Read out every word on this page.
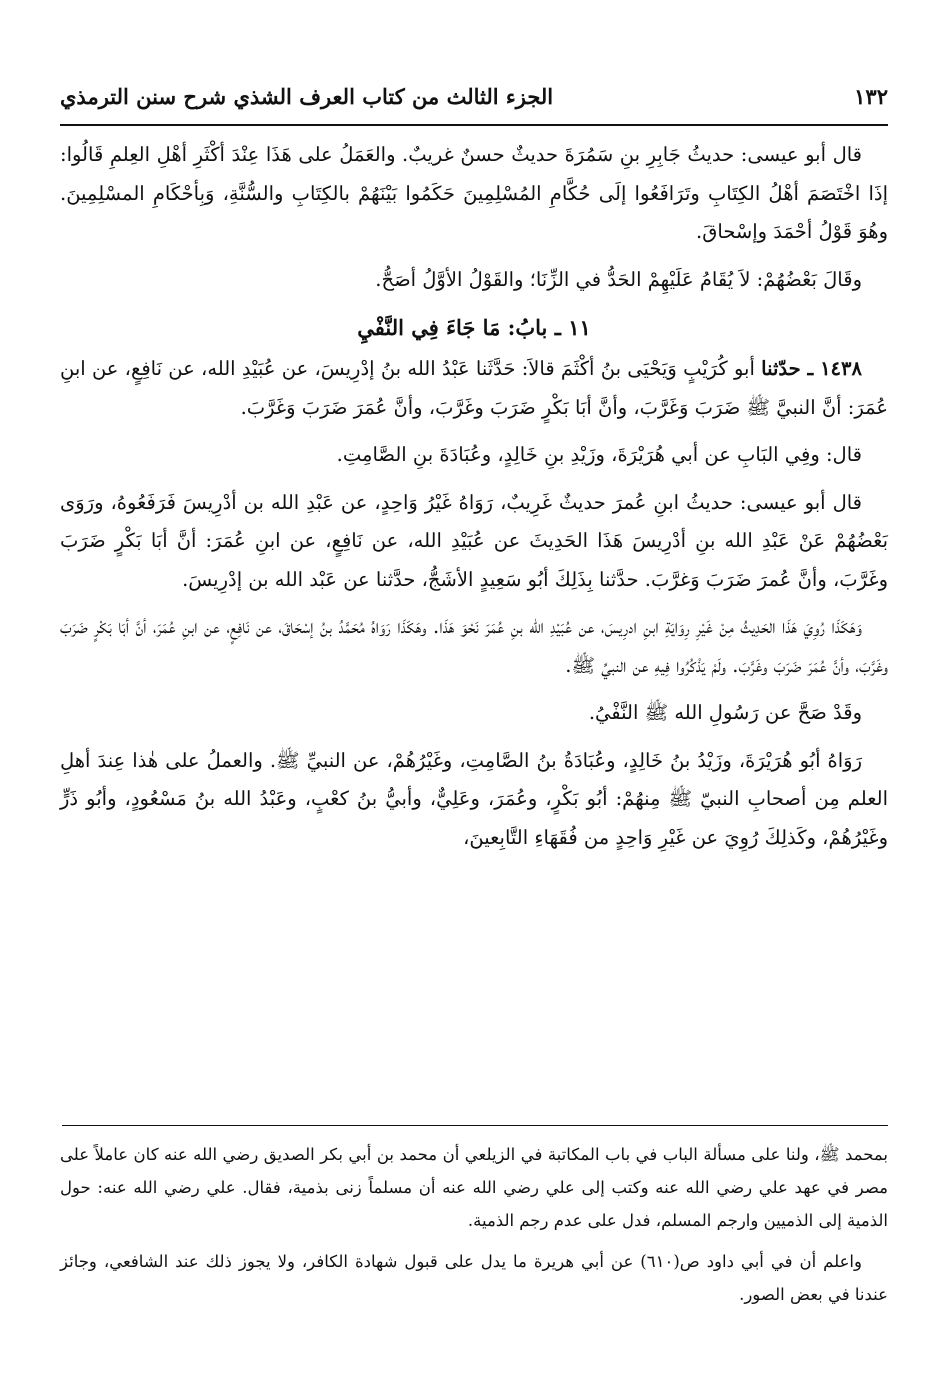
١٣٢
الجزء الثالث من كتاب العرف الشذي شرح سنن الترمذي

قال أبو عيسى: حديثُ جَابِرِ بنِ سَمُرَةَ حديثٌ حسنٌ غريبٌ. والعَمَلُ على هَذَا عِنْدَ أكْثَرِ أهْلِ العِلمِ قَالُوا: إذَا اخْتَصَمَ أهْلُ الكِتَابِ وتَرَافَعُوا إلَى حُكَّامِ المُسْلِمِينَ حَكَمُوا بَيْنَهُمْ بالكِتَابِ والسُّنَّةِ، وَبِأحْكَامِ المسْلِمِينَ. وهُوَ قَوْلُ أحْمَدَ وإسْحاقَ.

وقَالَ بَعْضُهُمْ: لاَ يُقَامُ عَلَيْهِمْ الحَدُّ في الزِّنَا؛ والقَوْلُ الأوَّلُ أصَحُّ.

١١ ـ بابُ: مَا جَاءَ فِي النَّفْيِ

١٤٣٨ ـ حدّثنا أبو كُرَيْبٍ وَيَحْيَى بنُ أكْثَمَ قالاَ: حَدَّثَنا عَبْدُ الله بنُ إدْرِيسَ، عن عُبَيْدِ الله، عن نَافِعٍ، عن ابنِ عُمَرَ: أنَّ النبيَّ ﷺ ضَرَبَ وَغَرَّبَ، وأنَّ أبَا بَكْرٍ ضَرَبَ وغَرَّبَ، وأنَّ عُمَرَ ضَرَبَ وَغَرَّبَ.

قال: وفِي البَابِ عن أبي هُرَيْرَةَ، وزَيْدِ بنِ خَالِدٍ، وعُبَادَةَ بنِ الصَّامِتِ.

قال أبو عيسى: حديثُ ابنِ عُمرَ حديثٌ غَرِيبٌ، رَوَاهُ غَيْرُ وَاحِدٍ، عن عَبْدِ الله بن أدْرِيسَ فَرَفَعُوهُ، ورَوَى بَعْضُهُمْ عَنْ عَبْدِ الله بنِ أدْرِيسَ هَذَا الحَدِيثَ عن عُبَيْدِ الله، عن نَافِعٍ، عن ابنِ عُمَرَ: أنَّ أبَا بَكْرٍ ضَرَبَ وغَرَّبَ، وأنَّ عُمرَ ضَرَبَ وَغرَّبَ. حدَّثنا بِذَلِكَ أبُو سَعِيدٍ الأشَجُّ، حدَّثنا عن عَبْد الله بن إدْرِيسَ.

وَهَكَذَا رُوِيَ هَذَا الحَدِيثُ مِنْ غَيْرِ رِوَايَةِ ابنِ ادرِيسَ، عن عُبَيْدِ الله بنِ عُمَرَ نَحْوَ هَذَا. وهَكَذَا رَوَاهُ مُحَمَّدُ بنُ إسْحَاقَ، عن نَافِعٍ، عن ابنِ عُمَرَ، أنَّ أبَا بَكْرٍ ضَرَبَ وغَرَّبَ، وأنَّ عُمَرَ ضَرَبَ وغَرَّبَ. ولَمْ يَذْكُرُوا فِيهِ عن النبيِّ ﷺ.

وقَدْ صَحَّ عن رَسُولِ الله ﷺ النَّفْيُ.

رَوَاهُ أبُو هُرَيْرَةَ، وزَيْدُ بنُ خَالِدٍ، وعُبَادَةُ بنُ الصَّامِتِ، وغَيْرُهُمْ، عن النبيِّ ﷺ. والعملُ على هٰذا عِندَ أهلِ العلم مِن أصحابِ النبيّ ﷺ مِنهُمْ: أبُو بَكْرٍ، وعُمَرَ، وعَلِيٌّ، وأبيُّ بنُ كعْبٍ، وعَبْدُ الله بنُ مَسْعُودٍ، وأبُو ذَرٍّ وغَيْرُهُمْ، وكَذلِكَ رُوِيَ عن غَيْرِ وَاحِدٍ من فُقَهَاءِ التَّابِعينَ،

بمحمد ﷺ، ولنا على مسألة الباب في باب المكاتبة في الزيلعي أن محمد بن أبي بكر الصديق رضي الله عنه كان عاملاً على مصر في عهد علي رضي الله عنه وكتب إلى علي رضي الله عنه أن مسلماً زنى بذمية، فقال. علي رضي الله عنه: حول الذمية إلى الذميين وارجم المسلم، فدل على عدم رجم الذمية.

واعلم أن في أبي داود ص(٦١٠) عن أبي هريرة ما يدل على قبول شهادة الكافر، ولا يجوز ذلك عند الشافعي، وجائز عندنا في بعض الصور.
